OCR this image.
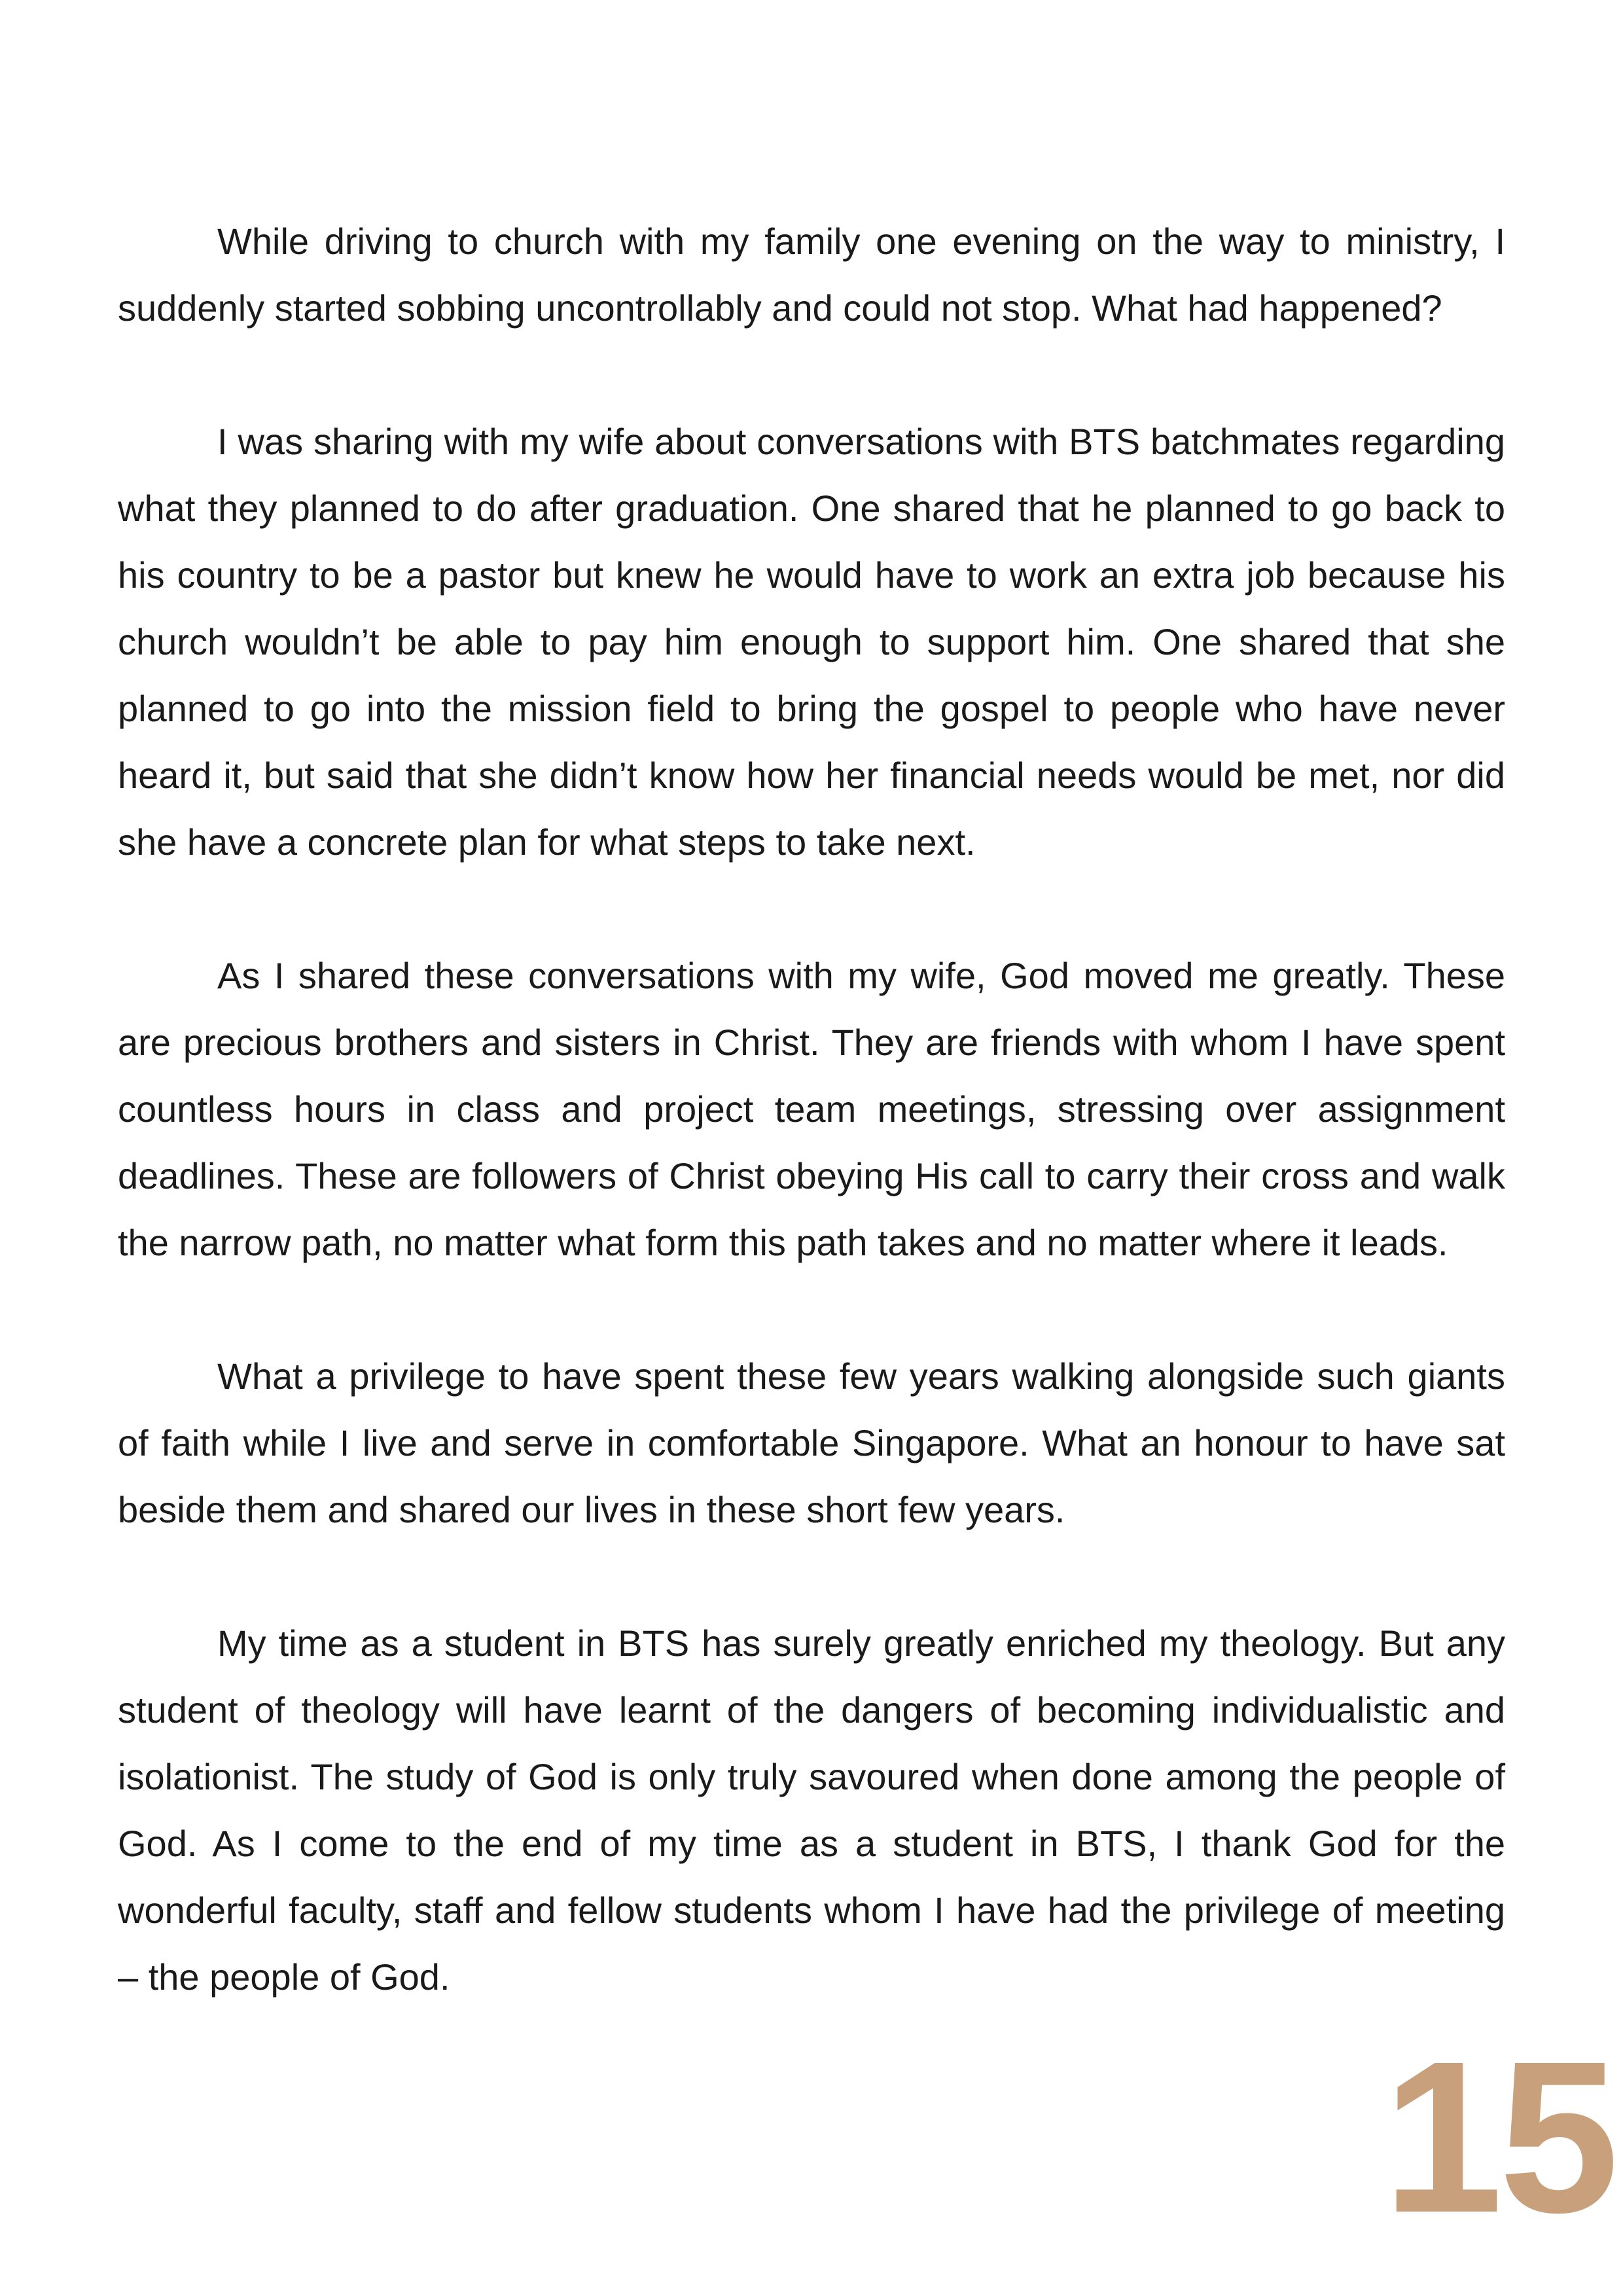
While driving to church with my family one evening on the way to ministry, I suddenly started sobbing uncontrollably and could not stop. What had happened?

I was sharing with my wife about conversations with BTS batchmates regarding what they planned to do after graduation. One shared that he planned to go back to his country to be a pastor but knew he would have to work an extra job because his church wouldn’t be able to pay him enough to support him. One shared that she planned to go into the mission field to bring the gospel to people who have never heard it, but said that she didn’t know how her financial needs would be met, nor did she have a concrete plan for what steps to take next.

As I shared these conversations with my wife, God moved me greatly. These are precious brothers and sisters in Christ. They are friends with whom I have spent countless hours in class and project team meetings, stressing over assignment deadlines. These are followers of Christ obeying His call to carry their cross and walk the narrow path, no matter what form this path takes and no matter where it leads.

What a privilege to have spent these few years walking alongside such giants of faith while I live and serve in comfortable Singapore. What an honour to have sat beside them and shared our lives in these short few years.

My time as a student in BTS has surely greatly enriched my theology. But any student of theology will have learnt of the dangers of becoming individualistic and isolationist. The study of God is only truly savoured when done among the people of God. As I come to the end of my time as a student in BTS, I thank God for the wonderful faculty, staff and fellow students whom I have had the privilege of meeting – the people of God.

15
